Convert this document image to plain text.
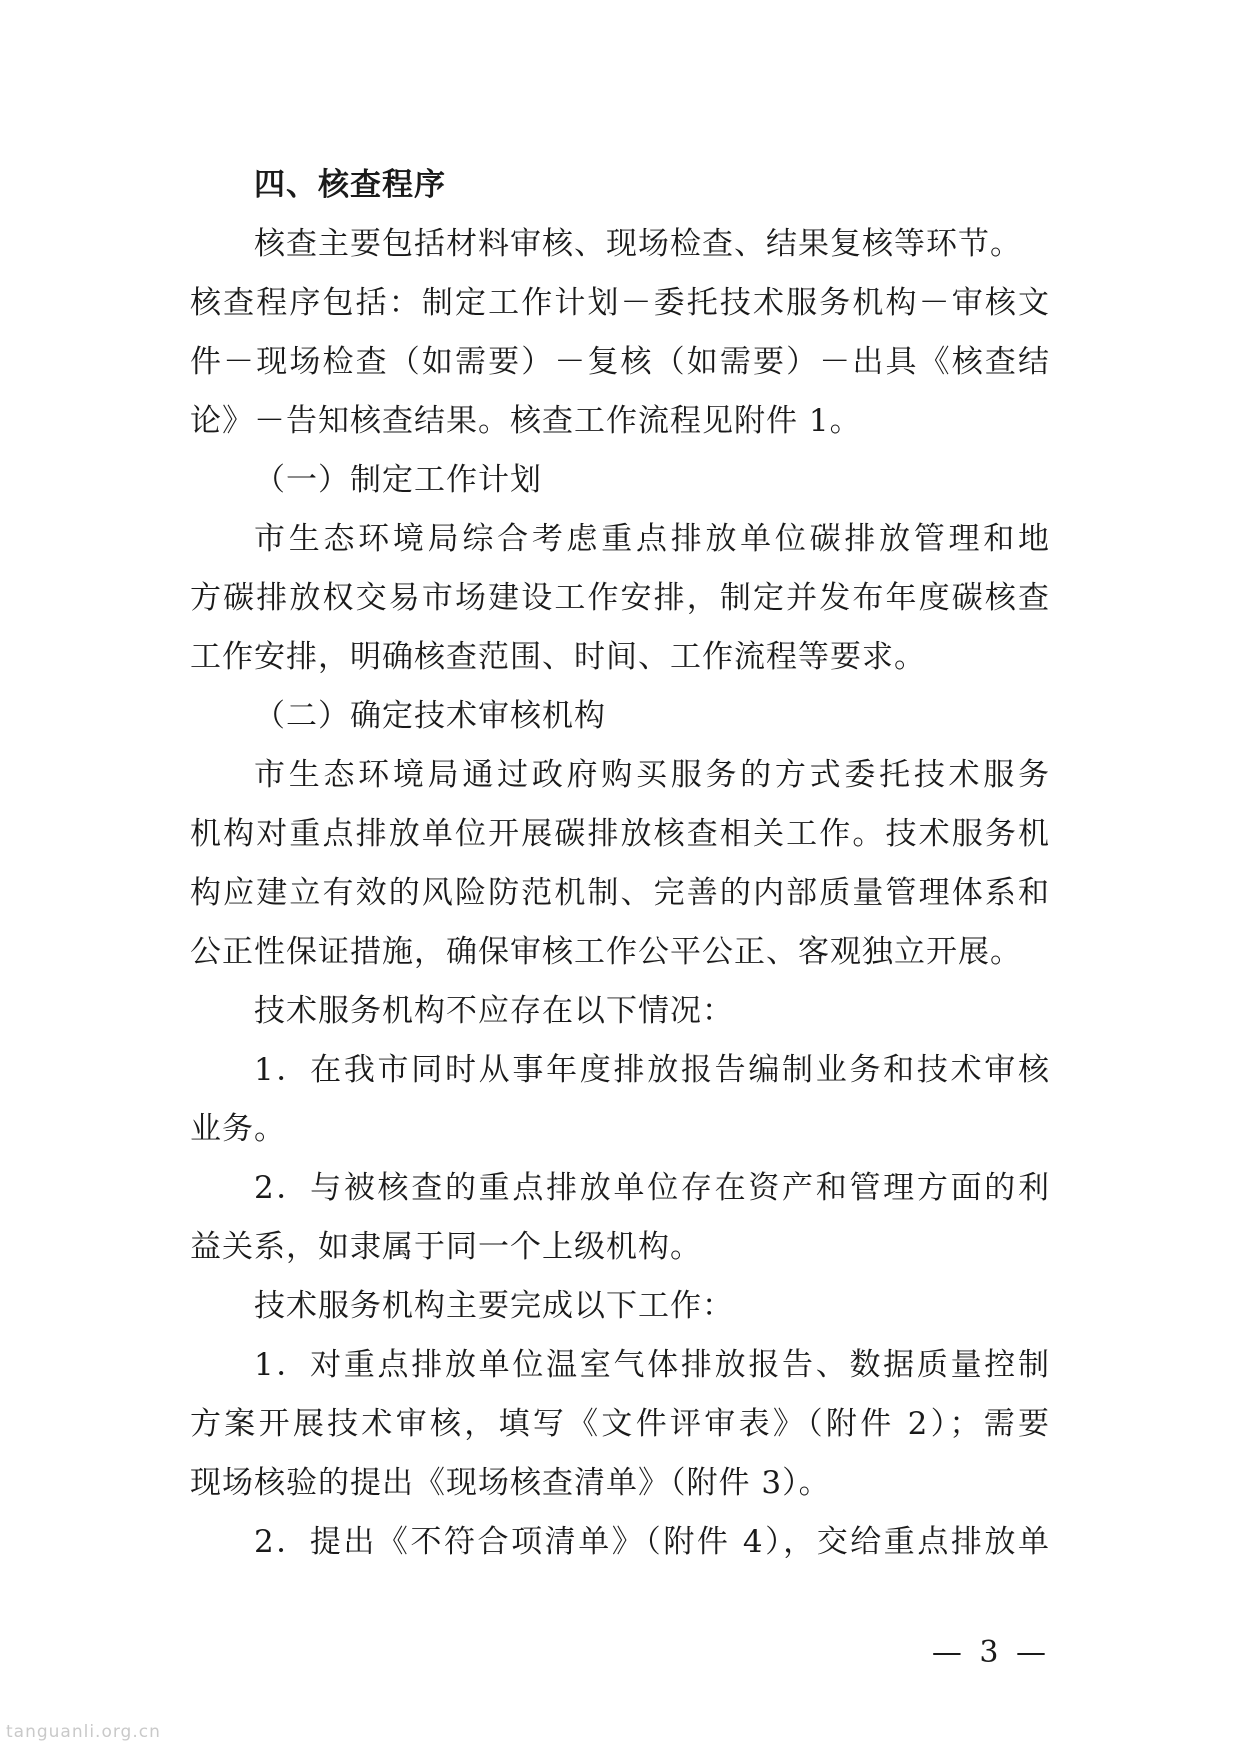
四、核查程序
核查主要包括材料审核、现场检查、结果复核等环节。
核查程序包括：制定工作计划－委托技术服务机构－审核文
件－现场检查（如需要）－复核（如需要）－出具《核查结
论》－告知核查结果。核查工作流程见附件 1。
（一）制定工作计划
市生态环境局综合考虑重点排放单位碳排放管理和地
方碳排放权交易市场建设工作安排，制定并发布年度碳核查
工作安排，明确核查范围、时间、工作流程等要求。
（二）确定技术审核机构
市生态环境局通过政府购买服务的方式委托技术服务
机构对重点排放单位开展碳排放核查相关工作。技术服务机
构应建立有效的风险防范机制、完善的内部质量管理体系和
公正性保证措施，确保审核工作公平公正、客观独立开展。
技术服务机构不应存在以下情况：
1．在我市同时从事年度排放报告编制业务和技术审核
业务。
2．与被核查的重点排放单位存在资产和管理方面的利
益关系，如隶属于同一个上级机构。
技术服务机构主要完成以下工作：
1．对重点排放单位温室气体排放报告、数据质量控制
方案开展技术审核，填写《文件评审表》（附件 2）；需要
现场核验的提出《现场核查清单》（附件 3）。
2．提出《不符合项清单》（附件 4），交给重点排放单
— 3 —
tanguanli.org.cn
